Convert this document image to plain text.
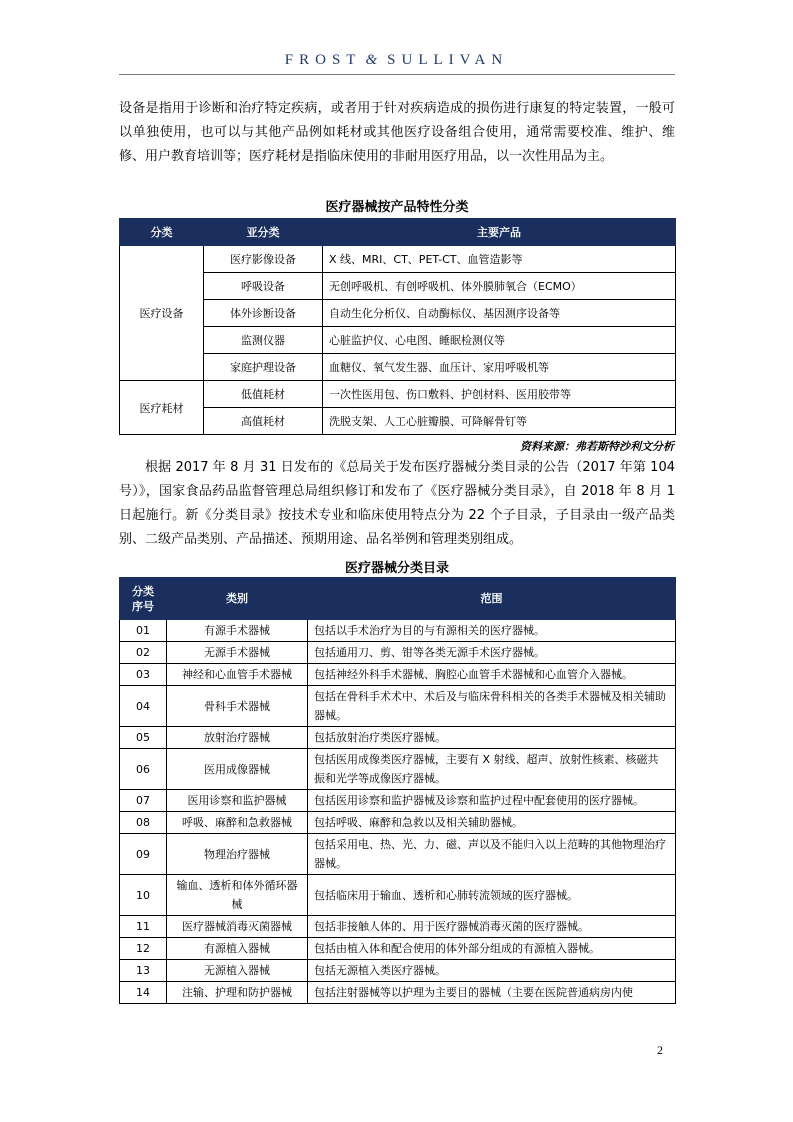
FROST & SULLIVAN

设备是指用于诊断和治疗特定疾病，或者用于针对疾病造成的损伤进行康复的特定装置，一般可以单独使用，也可以与其他产品例如耗材或其他医疗设备组合使用，通常需要校准、维护、维修、用户教育培训等；医疗耗材是指临床使用的非耐用医疗用品，以一次性用品为主。

医疗器械按产品特性分类

分类	亚分类	主要产品
医疗设备	医疗影像设备	X 线、MRI、CT、PET-CT、血管造影等
	呼吸设备	无创呼吸机、有创呼吸机、体外膜肺氧合（ECMO）
	体外诊断设备	自动生化分析仪、自动酶标仪、基因测序设备等
	监测仪器	心脏监护仪、心电图、睡眠检测仪等
	家庭护理设备	血糖仪、氧气发生器、血压计、家用呼吸机等
医疗耗材	低值耗材	一次性医用包、伤口敷料、护创材料、医用胶带等
	高值耗材	洗脱支架、人工心脏瓣膜、可降解骨钉等
资料来源：弗若斯特沙利文分析

根据 2017 年 8 月 31 日发布的《总局关于发布医疗器械分类目录的公告（2017 年第 104 号）》，国家食品药品监督管理总局组织修订和发布了《医疗器械分类目录》，自 2018 年 8 月 1 日起施行。新《分类目录》按技术专业和临床使用特点分为 22 个子目录，子目录由一级产品类别、二级产品类别、产品描述、预期用途、品名举例和管理类别组成。

医疗器械分类目录

分类
序号	类别	范围
01	有源手术器械	包括以手术治疗为目的与有源相关的医疗器械。
02	无源手术器械	包括通用刀、剪、钳等各类无源手术医疗器械。
03	神经和心血管手术器械	包括神经外科手术器械、胸腔心血管手术器械和心血管介入器械。
04	骨科手术器械	包括在骨科手术术中、术后及与临床骨科相关的各类手术器械及相关辅助器械。
05	放射治疗器械	包括放射治疗类医疗器械。
06	医用成像器械	包括医用成像类医疗器械，主要有 X 射线、超声、放射性核素、核磁共振和光学等成像医疗器械。
07	医用诊察和监护器械	包括医用诊察和监护器械及诊察和监护过程中配套使用的医疗器械。
08	呼吸、麻醉和急救器械	包括呼吸、麻醉和急救以及相关辅助器械。
09	物理治疗器械	包括采用电、热、光、力、磁、声以及不能归入以上范畴的其他物理治疗器械。
10	输血、透析和体外循环器械	包括临床用于输血、透析和心肺转流领域的医疗器械。
11	医疗器械消毒灭菌器械	包括非接触人体的、用于医疗器械消毒灭菌的医疗器械。
12	有源植入器械	包括由植入体和配合使用的体外部分组成的有源植入器械。
13	无源植入器械	包括无源植入类医疗器械。
14	注输、护理和防护器械	包括注射器械等以护理为主要目的器械（主要在医院普通病房内使
2
